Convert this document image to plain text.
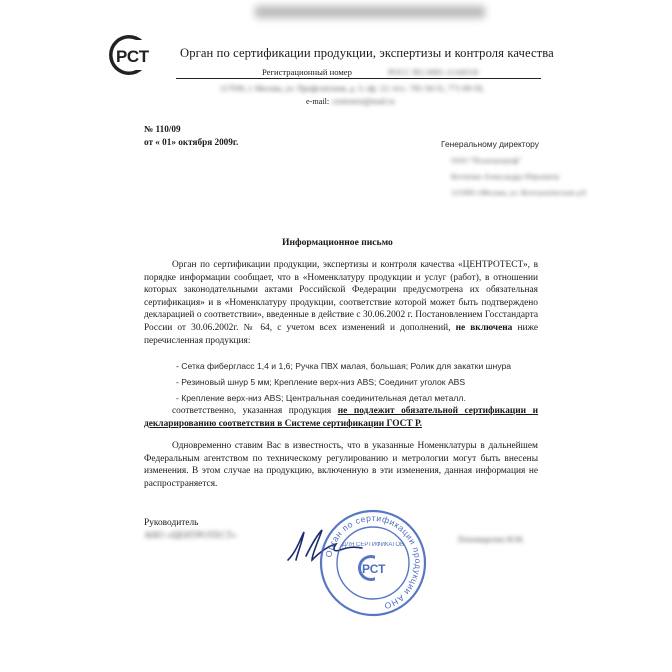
РСТ Орган по сертификации продукции, экспертизы и контроля качества
Регистрационный номер	РОСС RU.0001.11АЮ18
117036, г. Москва, ул. Профсоюзная, д. 3, оф. 12; тел.: 781-34-31, 771-00-56,
e-mail: centrotest@mail.ru
№ 110/09
от « 01» октября 2009г.	Генеральному директору
ООО "Полиэкопроф"
Котченко Александру Юрьевичу
121069 г.Москва, ул. Котельническая д.8
Информационное письмо
Орган по сертификации продукции, экспертизы и контроля качества «ЦЕНТРОТЕСТ», в порядке информации сообщает, что в «Номенклатуру продукции и услуг (работ), в отношении которых законодательными актами Российской Федерации предусмотрена их обязательная сертификация» и в «Номенклатуру продукции, соответствие которой может быть подтверждено декларацией о соответствии», введенные в действие с 30.06.2002 г. Постановлением Госстандарта России от 30.06.2002г. № 64, с учетом всех изменений и дополнений, не включена ниже перечисленная продукция:
- Сетка фибергласс 1,4 и 1,6; Ручка ПВХ малая, большая; Ролик для закатки шнура
- Резиновый шнур 5 мм; Крепление верх-низ ABS; Соединит уголок ABS
- Крепление верх-низ ABS; Центральная соединительная детал металл.
соответственно, указанная продукция не подлежит обязательной сертификации и декларированию соответствия в Системе сертификации ГОСТ Р.
Одновременно ставим Вас в известность, что в указанные Номенклатуры в дальнейшем Федеральным агентством по техническому регулированию и метрологии могут быть внесены изменения. В этом случае на продукцию, включенную в эти изменения, данная информация не распространяется.
Руководитель
АНО «ЦЕНТРОТЕСТ»	Пономаренко И.М.
Орган по сертификации продукции АНО
ДЛЯ СЕРТИФИКАТОВ
РСТ
